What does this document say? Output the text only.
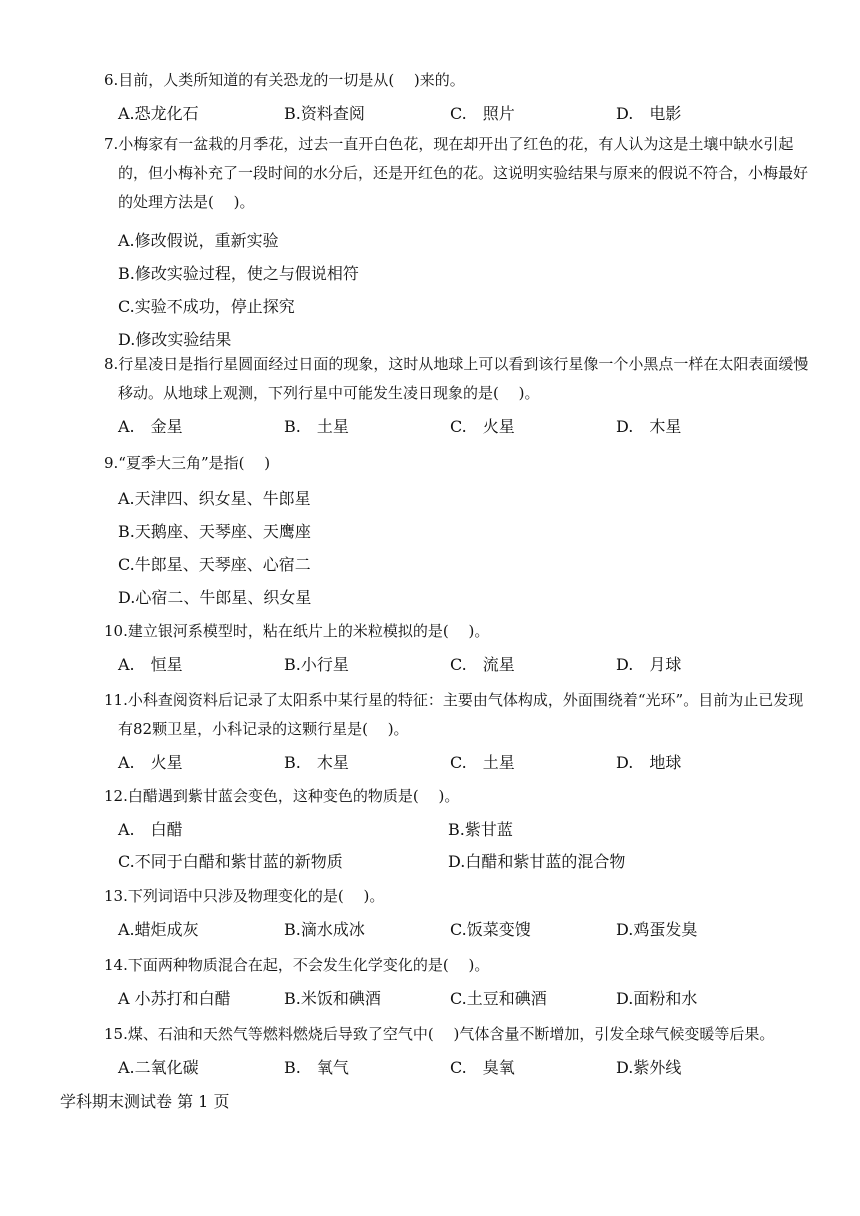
6.目前，人类所知道的有关恐龙的一切是从(　 )来的。
A.恐龙化石	B.资料查阅	C.　照片	D.　电影
7.小梅家有一盆栽的月季花，过去一直开白色花，现在却开出了红色的花，有人认为这是土壤中缺水引起的，但小梅补充了一段时间的水分后，还是开红色的花。这说明实验结果与原来的假说不符合，小梅最好的处理方法是(　 )。
A.修改假说，重新实验
B.修改实验过程，使之与假说相符
C.实验不成功，停止探究
D.修改实验结果
8.行星凌日是指行星圆面经过日面的现象，这时从地球上可以看到该行星像一个小黑点一样在太阳表面缓慢移动。从地球上观测，下列行星中可能发生凌日现象的是(　 )。
A.　金星	B.　土星	C.　火星	D.　木星
9.“夏季大三角”是指(　 )
A.天津四、织女星、牛郎星
B.天鹅座、天琴座、天鹰座
C.牛郎星、天琴座、心宿二
D.心宿二、牛郎星、织女星
10.建立银河系模型时，粘在纸片上的米粒模拟的是(　 )。
A.　恒星	B.小行星	C.　流星	D.　月球
11.小科查阅资料后记录了太阳系中某行星的特征：主要由气体构成，外面围绕着“光环”。目前为止已发现有82颗卫星，小科记录的这颗行星是(　 )。
A.　火星	B.　木星	C.　土星	D.　地球
12.白醋遇到紫甘蓝会变色，这种变色的物质是(　 )。
A.　白醋	B.紫甘蓝
C.不同于白醋和紫甘蓝的新物质	D.白醋和紫甘蓝的混合物
13.下列词语中只涉及物理变化的是(　 )。
A.蜡炬成灰	B.滴水成冰	C.饭菜变馊	D.鸡蛋发臭
14.下面两种物质混合在起，不会发生化学变化的是(　 )。
A 小苏打和白醋	B.米饭和碘酒	C.土豆和碘酒	D.面粉和水
15.煤、石油和天然气等燃料燃烧后导致了空气中(　 )气体含量不断增加，引发全球气候变暖等后果。
A.二氧化碳	B.　氧气	C.　臭氧	D.紫外线
学科期末测试卷 第 1 页
